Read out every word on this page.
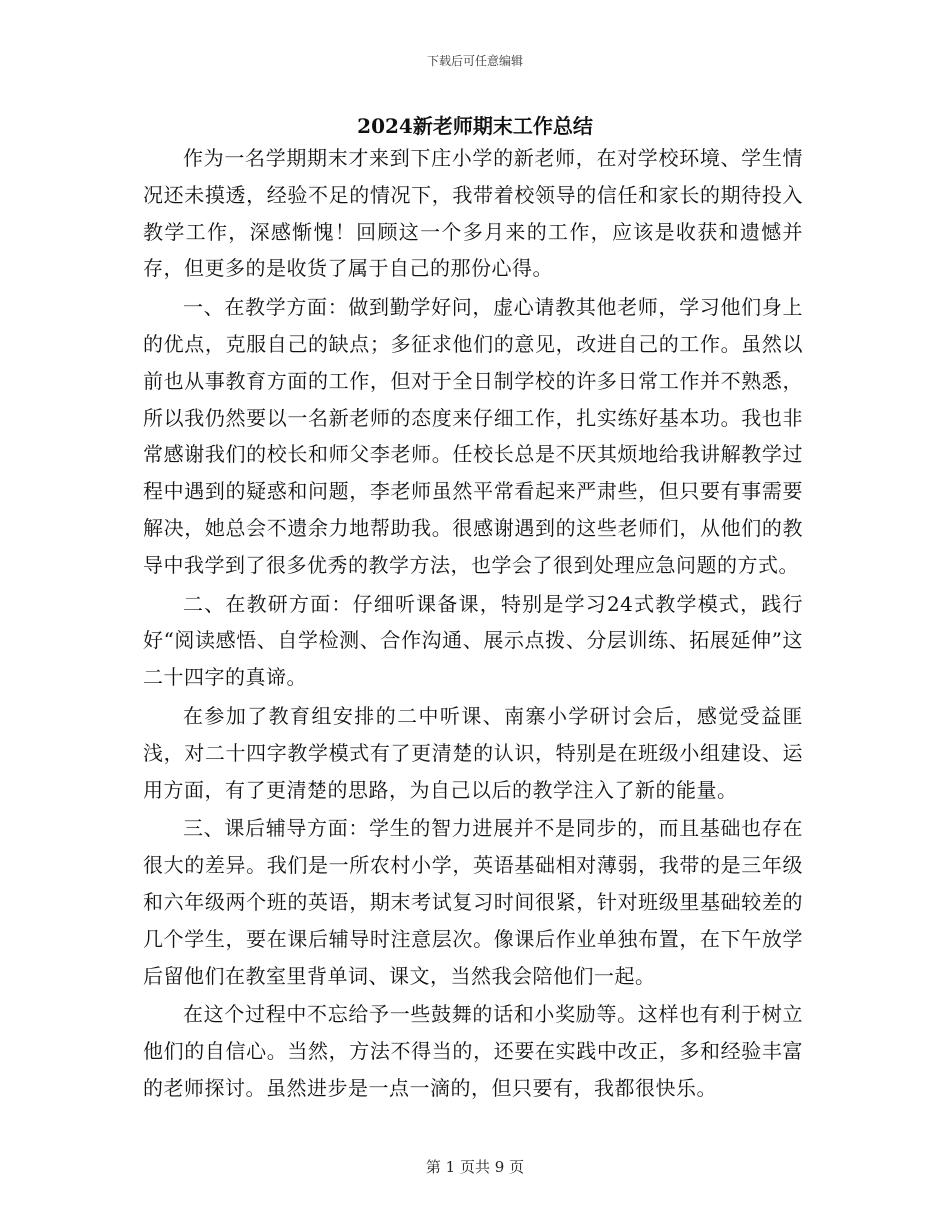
下载后可任意编辑
2024新老师期末工作总结

作为一名学期期末才来到下庄小学的新老师，在对学校环境、学生情况还未摸透，经验不足的情况下，我带着校领导的信任和家长的期待投入教学工作，深感惭愧！回顾这一个多月来的工作，应该是收获和遗憾并存，但更多的是收货了属于自己的那份心得。

一、在教学方面：做到勤学好问，虚心请教其他老师，学习他们身上的优点，克服自己的缺点；多征求他们的意见，改进自己的工作。虽然以前也从事教育方面的工作，但对于全日制学校的许多日常工作并不熟悉，所以我仍然要以一名新老师的态度来仔细工作，扎实练好基本功。我也非常感谢我们的校长和师父李老师。任校长总是不厌其烦地给我讲解教学过程中遇到的疑惑和问题，李老师虽然平常看起来严肃些，但只要有事需要解决，她总会不遗余力地帮助我。很感谢遇到的这些老师们，从他们的教导中我学到了很多优秀的教学方法，也学会了很到处理应急问题的方式。

二、在教研方面：仔细听课备课，特别是学习24式教学模式，践行好“阅读感悟、自学检测、合作沟通、展示点拨、分层训练、拓展延伸”这二十四字的真谛。

在参加了教育组安排的二中听课、南寨小学研讨会后，感觉受益匪浅，对二十四字教学模式有了更清楚的认识，特别是在班级小组建设、运用方面，有了更清楚的思路，为自己以后的教学注入了新的能量。

三、课后辅导方面：学生的智力进展并不是同步的，而且基础也存在很大的差异。我们是一所农村小学，英语基础相对薄弱，我带的是三年级和六年级两个班的英语，期末考试复习时间很紧，针对班级里基础较差的几个学生，要在课后辅导时注意层次。像课后作业单独布置，在下午放学后留他们在教室里背单词、课文，当然我会陪他们一起。

在这个过程中不忘给予一些鼓舞的话和小奖励等。这样也有利于树立他们的自信心。当然，方法不得当的，还要在实践中改正，多和经验丰富的老师探讨。虽然进步是一点一滴的，但只要有，我都很快乐。

第 1 页共 9 页
